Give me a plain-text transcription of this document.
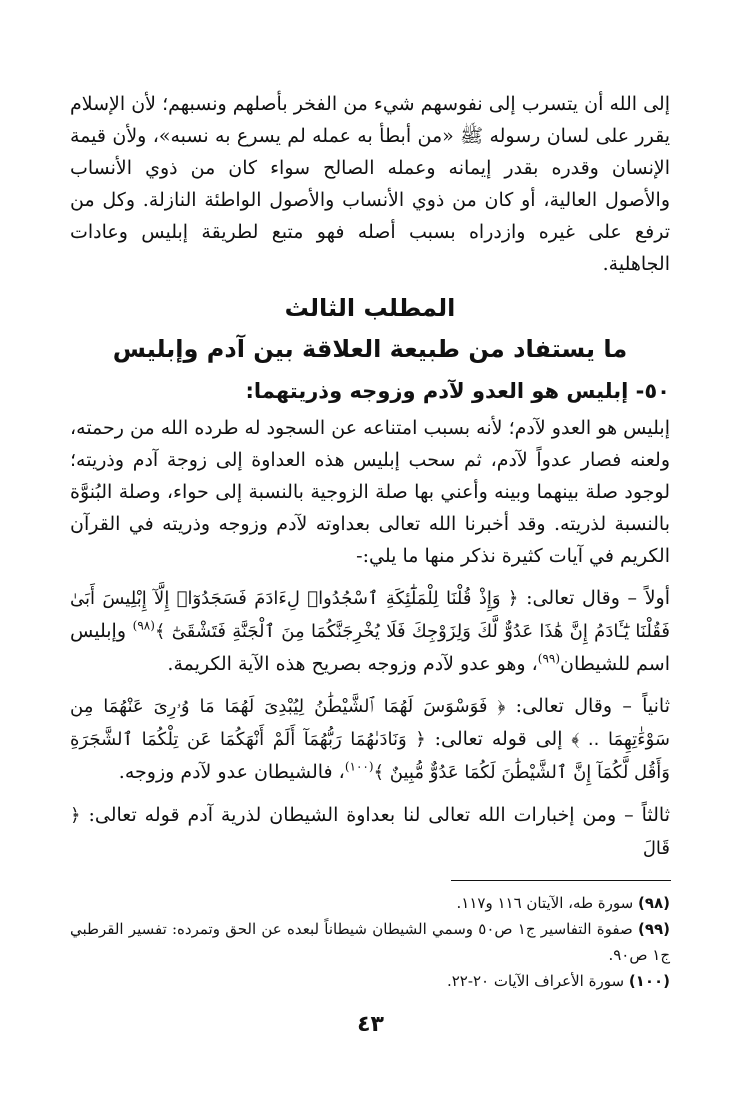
إلى الله أن يتسرب إلى نفوسهم شيء من الفخر بأصلهم ونسبهم؛ لأن الإسلام يقرر على لسان رسوله ﷺ «من أبطأ به عمله لم يسرع به نسبه»، ولأن قيمة الإنسان وقدره بقدر إيمانه وعمله الصالح سواء كان من ذوي الأنساب والأصول العالية، أو كان من ذوي الأنساب والأصول الواطئة النازلة. وكل من ترفع على غيره وازدراه بسبب أصله فهو متبع لطريقة إبليس وعادات الجاهلية.

المطلب الثالث
ما يستفاد من طبيعة العلاقة بين آدم وإبليس
٥٠- إبليس هو العدو لآدم وزوجه وذريتهما:

إبليس هو العدو لآدم؛ لأنه بسبب امتناعه عن السجود له طرده الله من رحمته، ولعنه فصار عدواً لآدم، ثم سحب إبليس هذه العداوة إلى زوجة آدم وذريته؛ لوجود صلة بينهما وبينه وأعني بها صلة الزوجية بالنسبة إلى حواء، وصلة البُنوَّة بالنسبة لذريته. وقد أخبرنا الله تعالى بعداوته لآدم وزوجه وذريته في القرآن الكريم في آيات كثيرة نذكر منها ما يلي:-

أولاً – وقال تعالى: ﴿ وَإِذْ قُلْنَا لِلْمَلَٰٓئِكَةِ ٱسْجُدُوا۟ لِءَادَمَ فَسَجَدُوٓا۟ إِلَّآ إِبْلِيسَ أَبَىٰ فَقُلْنَا يَٰٓـَٔادَمُ إِنَّ هَٰذَا عَدُوٌّ لَّكَ وَلِزَوْجِكَ فَلَا يُخْرِجَنَّكُمَا مِنَ ٱلْجَنَّةِ فَتَشْقَىٰٓ ﴾$^{(٩٨)}$ وإبليس اسم للشيطان$^{(٩٩)}$، وهو عدو لآدم وزوجه بصريح هذه الآية الكريمة.

ثانياً – وقال تعالى: ﴿ فَوَسْوَسَ لَهُمَا ٱلشَّيْطَٰنُ لِيُبْدِىَ لَهُمَا مَا وُۥرِىَ عَنْهُمَا مِن سَوْءَٰتِهِمَا .. ﴾ إلى قوله تعالى: ﴿ وَنَادَىٰهُمَا رَبُّهُمَآ أَلَمْ أَنْهَكُمَا عَن تِلْكُمَا ٱلشَّجَرَةِ وَأَقُل لَّكُمَآ إِنَّ ٱلشَّيْطَٰنَ لَكُمَا عَدُوٌّ مُّبِينٌ ﴾$^{(١٠٠)}$، فالشيطان عدو لآدم وزوجه.

ثالثاً – ومن إخبارات الله تعالى لنا بعداوة الشيطان لذرية آدم قوله تعالى: ﴿ قَالَ

(٩٨) سورة طه، الآيتان ١١٦ و١١٧.

(٩٩) صفوة التفاسير ج١ ص٥٠ وسمي الشيطان شيطاناً لبعده عن الحق وتمرده: تفسير القرطبي ج١ ص٩٠.

(١٠٠) سورة الأعراف الآيات ٢٠-٢٢.

٤٣
